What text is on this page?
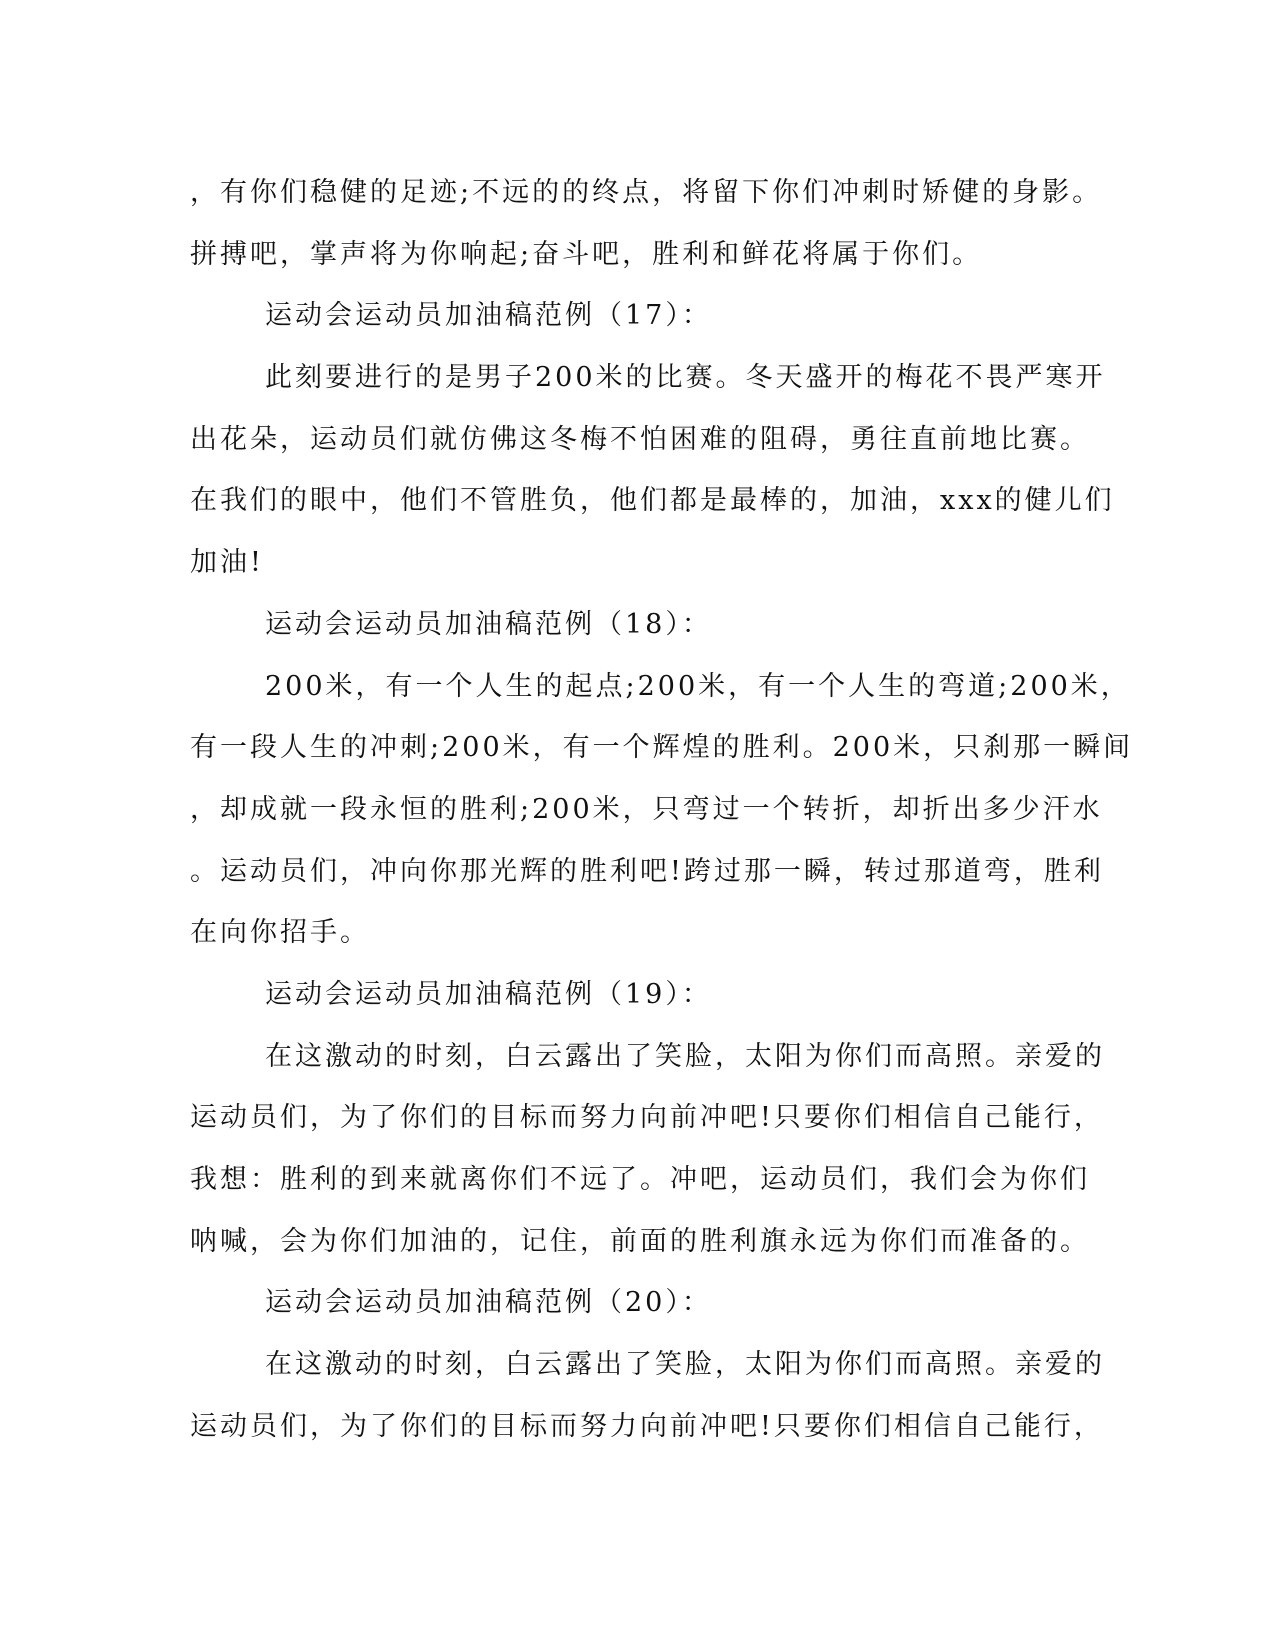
，有你们稳健的足迹;不远的的终点，将留下你们冲刺时矫健的身影。
拼搏吧，掌声将为你响起;奋斗吧，胜利和鲜花将属于你们。
运动会运动员加油稿范例（17）：
此刻要进行的是男子200米的比赛。冬天盛开的梅花不畏严寒开
出花朵，运动员们就仿佛这冬梅不怕困难的阻碍，勇往直前地比赛。
在我们的眼中，他们不管胜负，他们都是最棒的，加油，xxx的健儿们
加油!
运动会运动员加油稿范例（18）：
200米，有一个人生的起点;200米，有一个人生的弯道;200米，
有一段人生的冲刺;200米，有一个辉煌的胜利。200米，只刹那一瞬间
，却成就一段永恒的胜利;200米，只弯过一个转折，却折出多少汗水
。运动员们，冲向你那光辉的胜利吧!跨过那一瞬，转过那道弯，胜利
在向你招手。
运动会运动员加油稿范例（19）：
在这激动的时刻，白云露出了笑脸，太阳为你们而高照。亲爱的
运动员们，为了你们的目标而努力向前冲吧!只要你们相信自己能行，
我想：胜利的到来就离你们不远了。冲吧，运动员们，我们会为你们
呐喊，会为你们加油的，记住，前面的胜利旗永远为你们而准备的。
运动会运动员加油稿范例（20）：
在这激动的时刻，白云露出了笑脸，太阳为你们而高照。亲爱的
运动员们，为了你们的目标而努力向前冲吧!只要你们相信自己能行，
